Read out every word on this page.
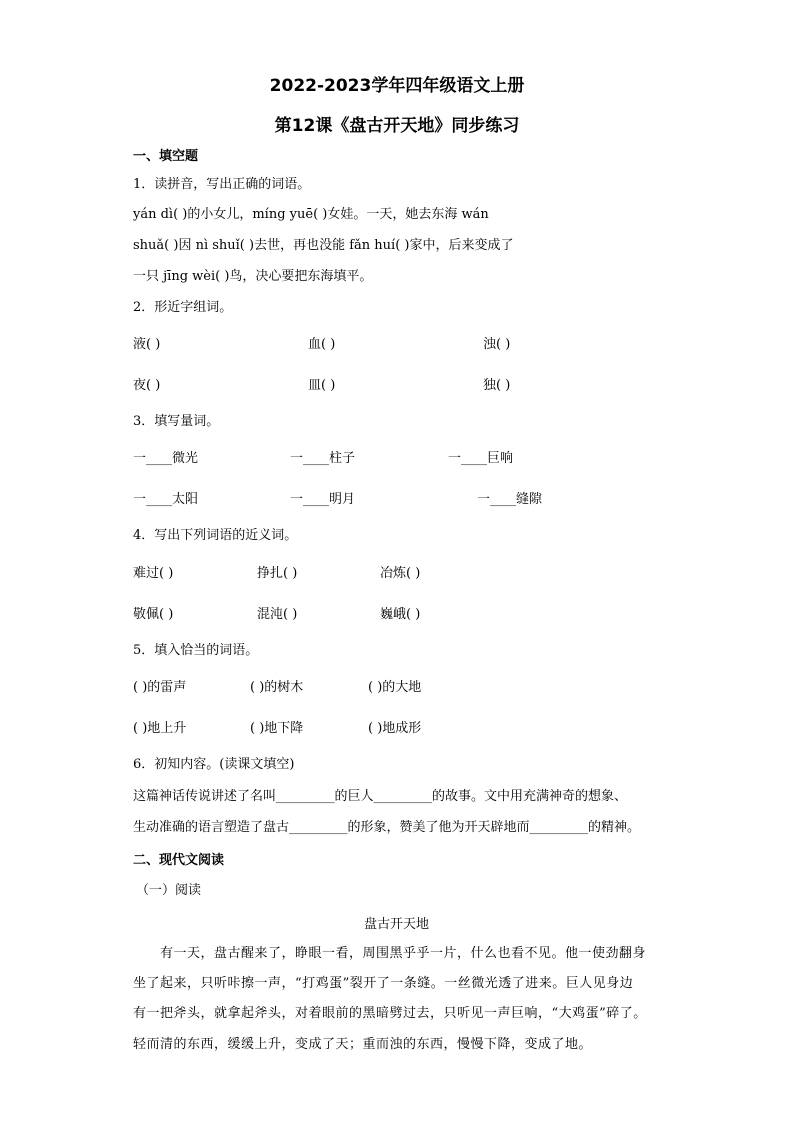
2022-2023学年四年级语文上册
第12课《盘古开天地》同步练习
一、填空题
1．读拼音，写出正确的词语。
yán dì( )的小女儿，míng yuē( )女娃。一天，她去东海 wán
shuǎ( )因 nì shuǐ( )去世，再也没能 fǎn huí( )家中，后来变成了
一只 jīng wèi( )鸟，决心要把东海填平。
2．形近字组词。
液( )	血( )	浊( )
夜( )	皿( )	独( )
3．填写量词。
一____微光	一____柱子	一____巨响
一____太阳	一____明月	一____缝隙
4．写出下列词语的近义词。
难过( )	挣扎( )	冶炼( )
敬佩( )	混沌( )	巍峨( )
5．填入恰当的词语。
( )的雷声	( )的树木	( )的大地
( )地上升	( )地下降	( )地成形
6．初知内容。(读课文填空)
这篇神话传说讲述了名叫_________的巨人_________的故事。文中用充满神奇的想象、
生动准确的语言塑造了盘古_________的形象，赞美了他为开天辟地而_________的精神。
二、现代文阅读
（一）阅读
盘古开天地
有一天，盘古醒来了，睁眼一看，周围黑乎乎一片，什么也看不见。他一使劲翻身
坐了起来，只听咔擦一声，“打鸡蛋”裂开了一条缝。一丝微光透了进来。巨人见身边
有一把斧头，就拿起斧头，对着眼前的黑暗劈过去，只听见一声巨响，“大鸡蛋”碎了。
轻而清的东西，缓缓上升，变成了天；重而浊的东西，慢慢下降，变成了地。
